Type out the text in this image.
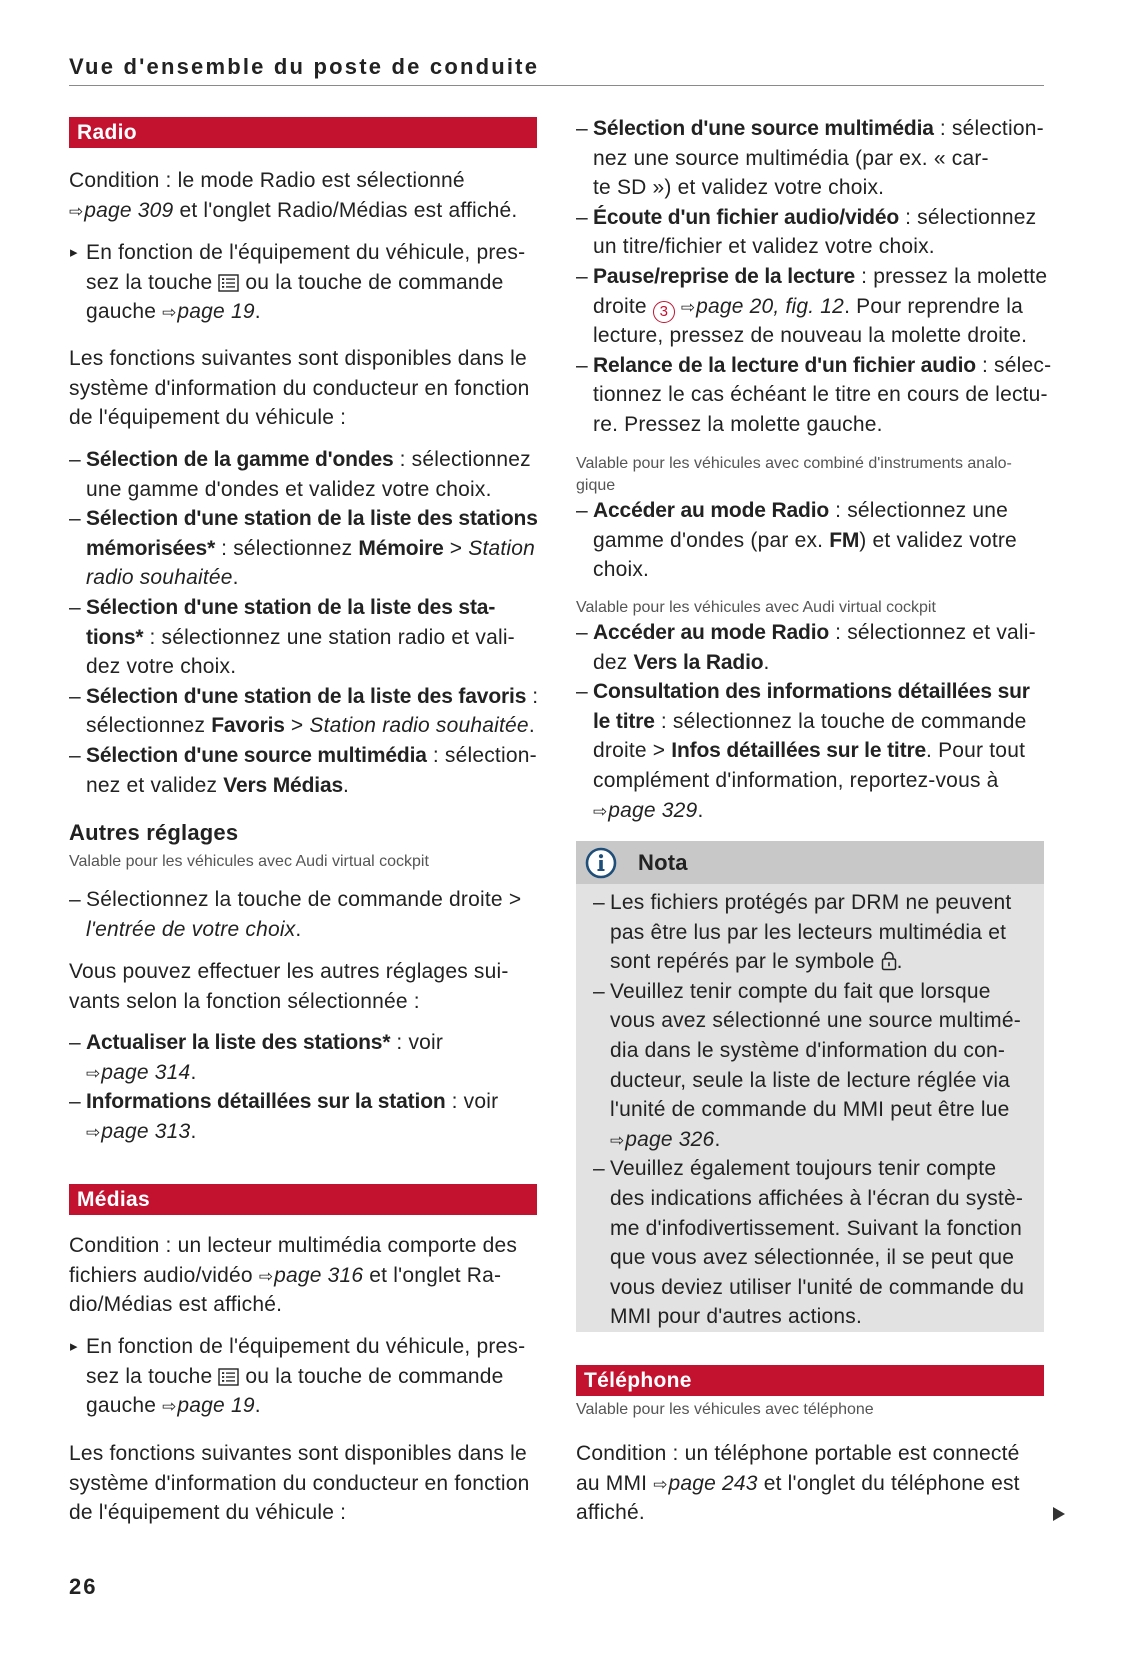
Vue d'ensemble du poste de conduite
Radio
Condition : le mode Radio est sélectionné
⇨page 309 et l'onglet Radio/Médias est affiché.
▸ En fonction de l'équipement du véhicule, pres-
sez la touche
ou la touche de commande
gauche ⇨page 19.
Les fonctions suivantes sont disponibles dans le
système d'information du conducteur en fonction
de l'équipement du véhicule :
– Sélection de la gamme d'ondes : sélectionnez
une gamme d'ondes et validez votre choix.
– Sélection d'une station de la liste des stations
mémorisées* : sélectionnez Mémoire > Station
radio souhaitée.
– Sélection d'une station de la liste des sta-
tions* : sélectionnez une station radio et vali-
dez votre choix.
– Sélection d'une station de la liste des favoris :
sélectionnez Favoris > Station radio souhaitée.
– Sélection d'une source multimédia : sélection-
nez et validez Vers Médias.
Autres réglages
Valable pour les véhicules avec Audi virtual cockpit
– Sélectionnez la touche de commande droite >
l'entrée de votre choix.
Vous pouvez effectuer les autres réglages sui-
vants selon la fonction sélectionnée :
– Actualiser la liste des stations* : voir
⇨page 314.
– Informations détaillées sur la station : voir
⇨page 313.
Médias
Condition : un lecteur multimédia comporte des
fichiers audio/vidéo ⇨page 316 et l'onglet Ra-
dio/Médias est affiché.
▸ En fonction de l'équipement du véhicule, pres-
sez la touche
ou la touche de commande
gauche ⇨page 19.
Les fonctions suivantes sont disponibles dans le
système d'information du conducteur en fonction
de l'équipement du véhicule :
– Sélection d'une source multimédia : sélection-
nez une source multimédia (par ex. « car-
te SD ») et validez votre choix.
– Écoute d'un fichier audio/vidéo : sélectionnez
un titre/fichier et validez votre choix.
– Pause/reprise de la lecture : pressez la molette
droite 3 ⇨page 20, fig. 12. Pour reprendre la
lecture, pressez de nouveau la molette droite.
– Relance de la lecture d'un fichier audio : sélec-
tionnez le cas échéant le titre en cours de lectu-
re. Pressez la molette gauche.
Valable pour les véhicules avec combiné d'instruments analo-
gique
– Accéder au mode Radio : sélectionnez une
gamme d'ondes (par ex. FM) et validez votre
choix.
Valable pour les véhicules avec Audi virtual cockpit
– Accéder au mode Radio : sélectionnez et vali-
dez Vers la Radio.
– Consultation des informations détaillées sur
le titre : sélectionnez la touche de commande
droite > Infos détaillées sur le titre. Pour tout
complément d'information, reportez-vous à
⇨page 329.
Nota
– Les fichiers protégés par DRM ne peuvent
pas être lus par les lecteurs multimédia et
sont repérés par le symbole
.
– Veuillez tenir compte du fait que lorsque
vous avez sélectionné une source multimé-
dia dans le système d'information du con-
ducteur, seule la liste de lecture réglée via
l'unité de commande du MMI peut être lue
⇨page 326.
– Veuillez également toujours tenir compte
des indications affichées à l'écran du systè-
me d'infodivertissement. Suivant la fonction
que vous avez sélectionnée, il se peut que
vous deviez utiliser l'unité de commande du
MMI pour d'autres actions.
Téléphone
Valable pour les véhicules avec téléphone
Condition : un téléphone portable est connecté
au MMI ⇨page 243 et l'onglet du téléphone est
affiché.
26
